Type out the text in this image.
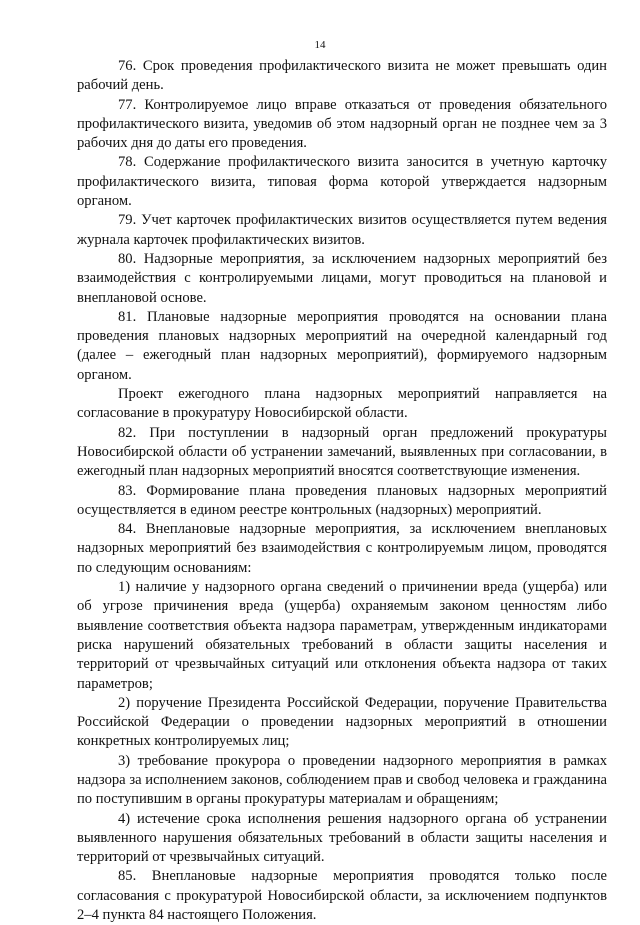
14

76. Срок проведения профилактического визита не может превышать один рабочий день.

77. Контролируемое лицо вправе отказаться от проведения обязательного профилактического визита, уведомив об этом надзорный орган не позднее чем за 3 рабочих дня до даты его проведения.

78. Содержание профилактического визита заносится в учетную карточку профилактического визита, типовая форма которой утверждается надзорным органом.

79. Учет карточек профилактических визитов осуществляется путем ведения журнала карточек профилактических визитов.

80. Надзорные мероприятия, за исключением надзорных мероприятий без взаимодействия с контролируемыми лицами, могут проводиться на плановой и внеплановой основе.

81. Плановые надзорные мероприятия проводятся на основании плана проведения плановых надзорных мероприятий на очередной календарный год (далее – ежегодный план надзорных мероприятий), формируемого надзорным органом.

Проект ежегодного плана надзорных мероприятий направляется на согласование в прокуратуру Новосибирской области.

82. При поступлении в надзорный орган предложений прокуратуры Новосибирской области об устранении замечаний, выявленных при согласовании, в ежегодный план надзорных мероприятий вносятся соответствующие изменения.

83. Формирование плана проведения плановых надзорных мероприятий осуществляется в едином реестре контрольных (надзорных) мероприятий.

84. Внеплановые надзорные мероприятия, за исключением внеплановых надзорных мероприятий без взаимодействия с контролируемым лицом, проводятся по следующим основаниям:

1) наличие у надзорного органа сведений о причинении вреда (ущерба) или об угрозе причинения вреда (ущерба) охраняемым законом ценностям либо выявление соответствия объекта надзора параметрам, утвержденным индикаторами риска нарушений обязательных требований в области защиты населения и территорий от чрезвычайных ситуаций или отклонения объекта надзора от таких параметров;

2) поручение Президента Российской Федерации, поручение Правительства Российской Федерации о проведении надзорных мероприятий в отношении конкретных контролируемых лиц;

3) требование прокурора о проведении надзорного мероприятия в рамках надзора за исполнением законов, соблюдением прав и свобод человека и гражданина по поступившим в органы прокуратуры материалам и обращениям;

4) истечение срока исполнения решения надзорного органа об устранении выявленного нарушения обязательных требований в области защиты населения и территорий от чрезвычайных ситуаций.

85. Внеплановые надзорные мероприятия проводятся только после согласования с прокуратурой Новосибирской области, за исключением подпунктов 2–4 пункта 84 настоящего Положения.
